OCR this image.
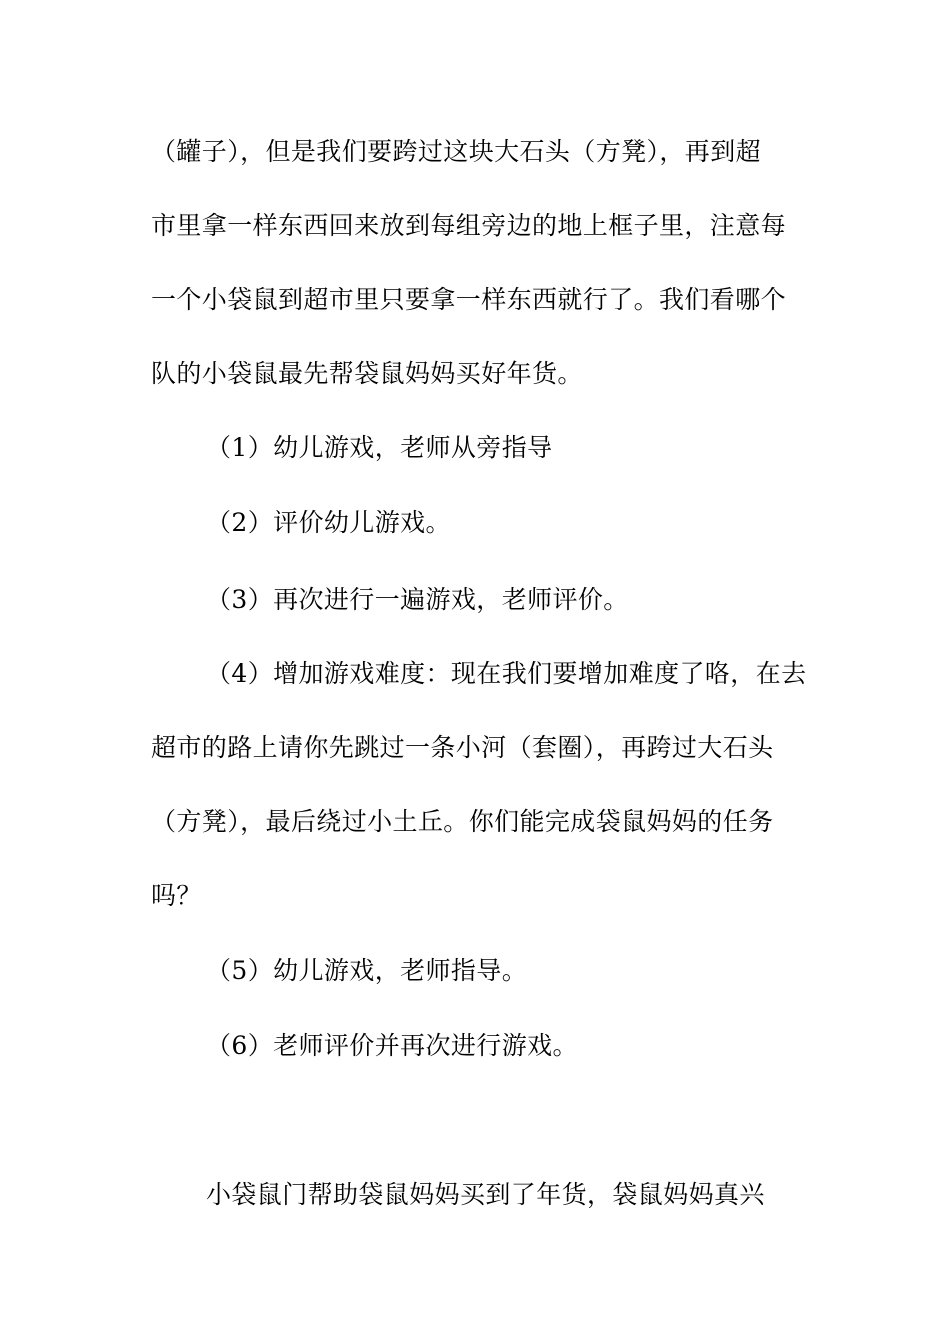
（罐子），但是我们要跨过这块大石头（方凳），再到超
市里拿一样东西回来放到每组旁边的地上框子里，注意每
一个小袋鼠到超市里只要拿一样东西就行了。我们看哪个
队的小袋鼠最先帮袋鼠妈妈买好年货。
（1）幼儿游戏，老师从旁指导
（2）评价幼儿游戏。
（3）再次进行一遍游戏，老师评价。
（4）增加游戏难度：现在我们要增加难度了咯，在去
超市的路上请你先跳过一条小河（套圈），再跨过大石头
（方凳），最后绕过小土丘。你们能完成袋鼠妈妈的任务
吗？
（5）幼儿游戏，老师指导。
（6）老师评价并再次进行游戏。
小袋鼠门帮助袋鼠妈妈买到了年货，袋鼠妈妈真兴
